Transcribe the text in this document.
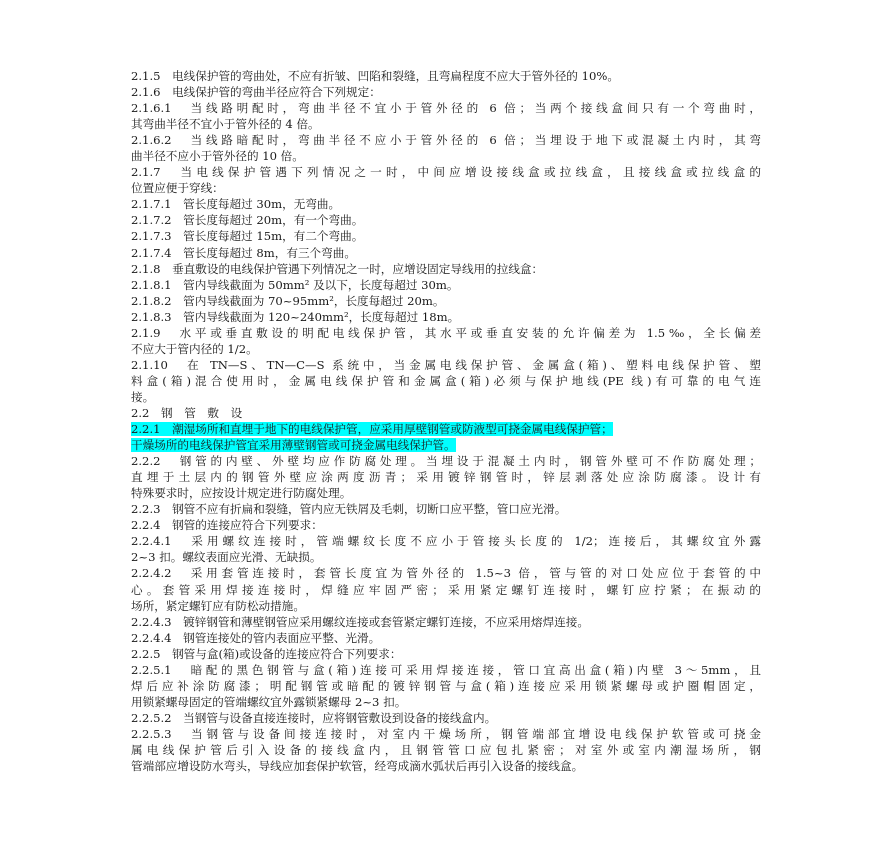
2.1.5　电线保护管的弯曲处，不应有折皱、凹陷和裂缝，且弯扁程度不应大于管外径的 10%。
2.1.6　电线保护管的弯曲半径应符合下列规定：
2.1.6.1　当线路明配时，弯曲半径不宜小于管外径的 6 倍；当两个接线盒间只有一个弯曲时，
其弯曲半径不宜小于管外径的 4 倍。
2.1.6.2　当线路暗配时，弯曲半径不应小于管外径的 6 倍；当埋设于地下或混凝土内时，其弯
曲半径不应小于管外径的 10 倍。
2.1.7　当电线保护管遇下列情况之一时，中间应增设接线盒或拉线盒，且接线盒或拉线盒的
位置应便于穿线：
2.1.7.1　管长度每超过 30m，无弯曲。
2.1.7.2　管长度每超过 20m，有一个弯曲。
2.1.7.3　管长度每超过 15m，有二个弯曲。
2.1.7.4　管长度每超过 8m，有三个弯曲。
2.1.8　垂直敷设的电线保护管遇下列情况之一时，应增设固定导线用的拉线盒：
2.1.8.1　管内导线截面为 50mm² 及以下，长度每超过 30m。
2.1.8.2　管内导线截面为 70~95mm²，长度每超过 20m。
2.1.8.3　管内导线截面为 120~240mm²，长度每超过 18m。
2.1.9　水平或垂直敷设的明配电线保护管，其水平或垂直安装的允许偏差为 1.5‰，全长偏差
不应大于管内径的 1/2。
2.1.10　在 TN—S、TN—C—S 系统中，当金属电线保护管、金属盒(箱)、塑料电线保护管、塑
料盒(箱)混合使用时，金属电线保护管和金属盒(箱)必须与保护地线(PE 线)有可靠的电气连
接。
2.2　钢　管　敷　设
2.2.1　潮湿场所和直埋于地下的电线保护管，应采用厚壁钢管或防液型可挠金属电线保护管；
干燥场所的电线保护管宜采用薄壁钢管或可挠金属电线保护管。
2.2.2　钢管的内壁、外壁均应作防腐处理。当埋设于混凝土内时，钢管外壁可不作防腐处理；
直埋于土层内的钢管外壁应涂两度沥青；采用镀锌钢管时，锌层剥落处应涂防腐漆。设计有
特殊要求时，应按设计规定进行防腐处理。
2.2.3　钢管不应有折扁和裂缝，管内应无铁屑及毛刺，切断口应平整，管口应光滑。
2.2.4　钢管的连接应符合下列要求：
2.2.4.1　采用螺纹连接时，管端螺纹长度不应小于管接头长度的 1/2；连接后，其螺纹宜外露
2~3 扣。螺纹表面应光滑、无缺损。
2.2.4.2　采用套管连接时，套管长度宜为管外径的 1.5~3 倍，管与管的对口处应位于套管的中
心。套管采用焊接连接时，焊缝应牢固严密；采用紧定螺钉连接时，螺钉应拧紧；在振动的
场所，紧定螺钉应有防松动措施。
2.2.4.3　镀锌钢管和薄壁钢管应采用螺纹连接或套管紧定螺钉连接，不应采用熔焊连接。
2.2.4.4　钢管连接处的管内表面应平整、光滑。
2.2.5　钢管与盒(箱)或设备的连接应符合下列要求：
2.2.5.1　暗配的黑色钢管与盒(箱)连接可采用焊接连接，管口宜高出盒(箱)内壁 3～5mm，且
焊后应补涂防腐漆；明配钢管或暗配的镀锌钢管与盒(箱)连接应采用锁紧螺母或护圈帽固定，
用锁紧螺母固定的管端螺纹宜外露锁紧螺母 2~3 扣。
2.2.5.2　当钢管与设备直接连接时，应将钢管敷设到设备的接线盒内。
2.2.5.3　当钢管与设备间接连接时，对室内干燥场所，钢管端部宜增设电线保护软管或可挠金
属电线保护管后引入设备的接线盒内，且钢管管口应包扎紧密；对室外或室内潮湿场所，钢
管端部应增设防水弯头，导线应加套保护软管，经弯成滴水弧状后再引入设备的接线盒。
